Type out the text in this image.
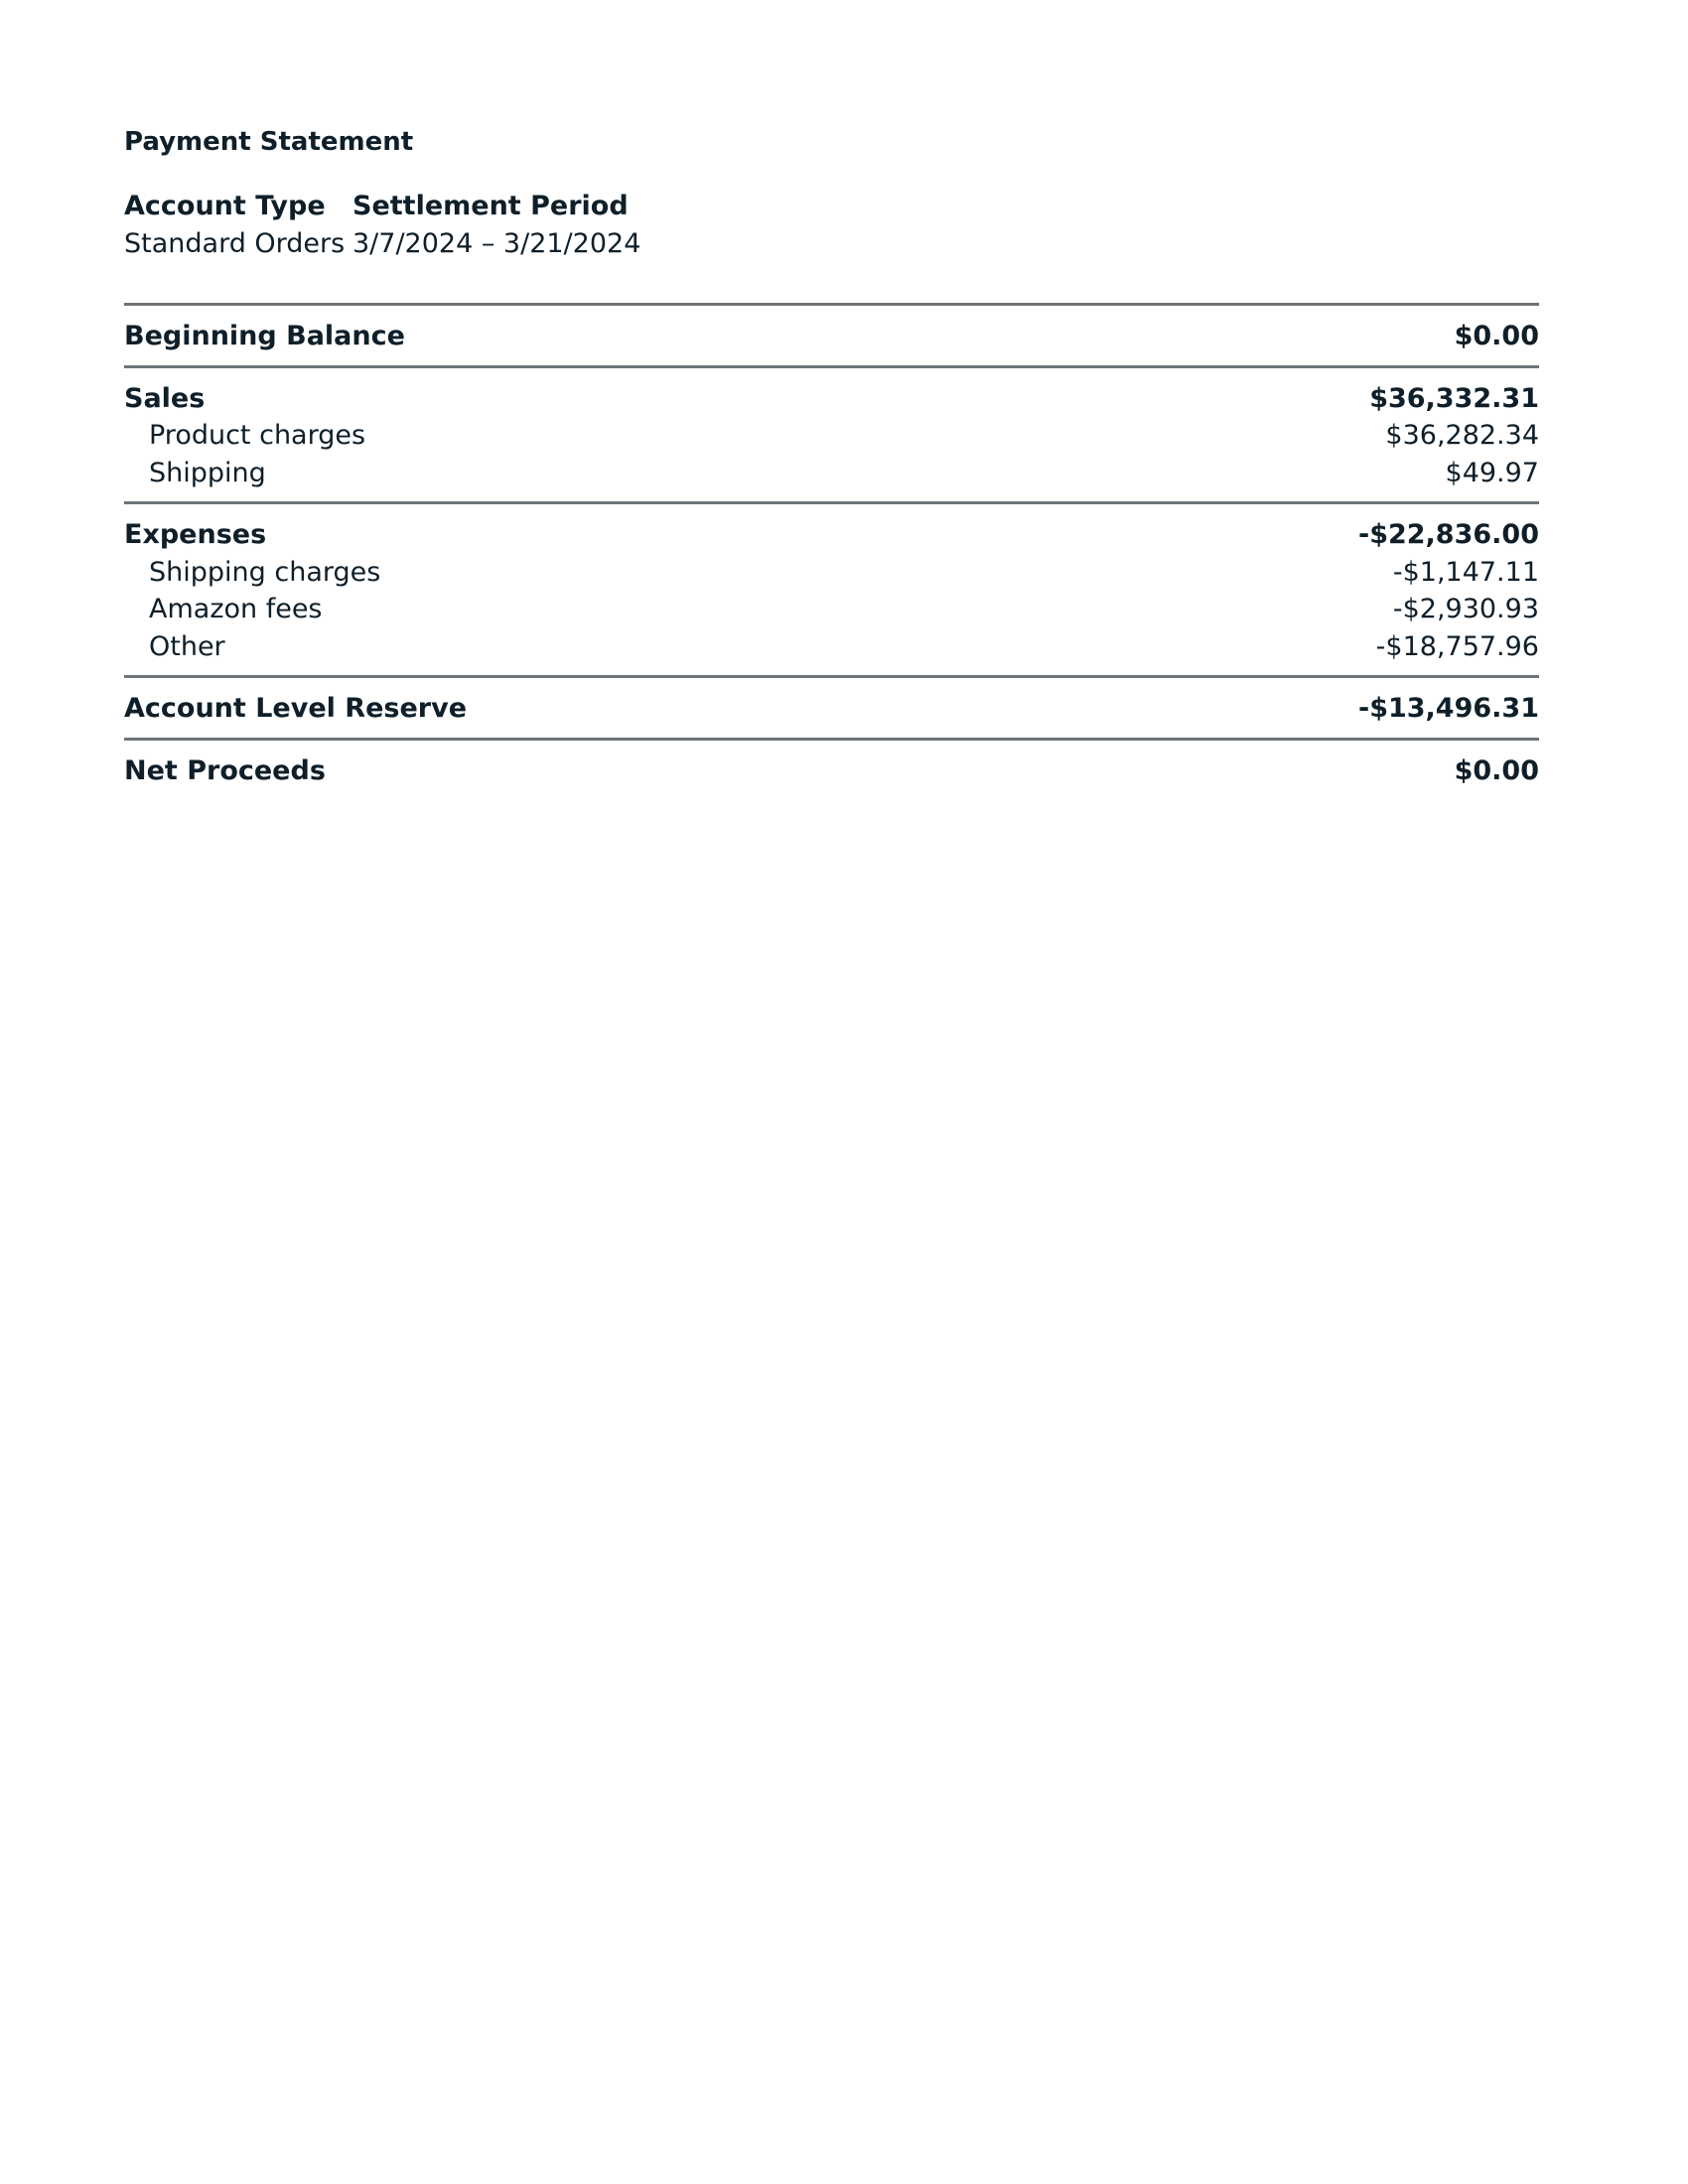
Payment Statement
Account Type	Settlement Period
Standard Orders 3/7/2024 – 3/21/2024
Beginning Balance	$0.00
Sales	$36,332.31
Product charges	$36,282.34
Shipping	$49.97
Expenses	-$22,836.00
Shipping charges	-$1,147.11
Amazon fees	-$2,930.93
Other	-$18,757.96
Account Level Reserve	-$13,496.31
Net Proceeds	$0.00
